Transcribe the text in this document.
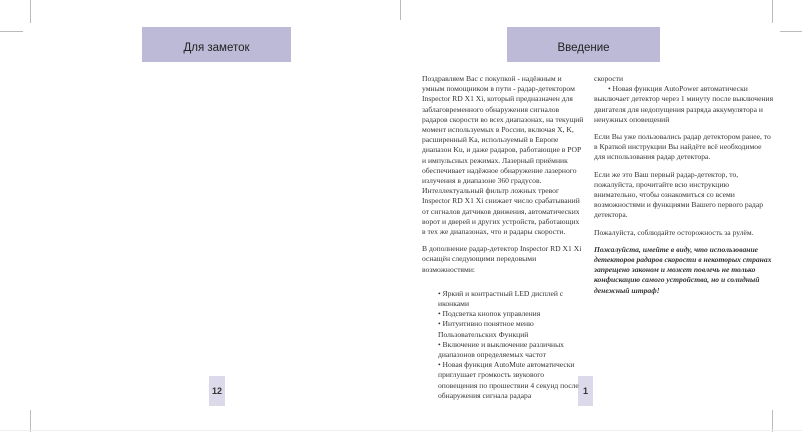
Для заметок	Введение
12	1

Поздравляем Вас с покупкой - надёжным и умным помощником в пути - радар-детектором Inspector RD X1 Xi, который предназначен для заблаговременного обнаружения сигналов радаров скорости во всех диапазонах, на текущий момент используемых в России, включая X, K, расширенный Ka, используемый в Европе диапазон Ku, и даже радаров, работающие в POP и импульсных режимах. Лазерный приёмник обеспечивает надёжное обнаружение лазерного излучения в диапазоне 360 градусов. Интеллектуальный фильтр ложных тревог Inspector RD X1 Xi снижает число срабатываний от сигналов датчиков движения, автоматических ворот и дверей и других устройств, работающих в тех же диапазонах, что и радары скорости.

В дополнение радар-детектор Inspector RD X1 Xi оснащён следующими передовыми возможностями:

• Яркий и контрастный LED дисплей с иконками
• Подсветка кнопок управления
• Интуитивно понятное меню Пользовательских Функций
• Включение и выключение различных диапазонов определяемых частот
• Новая функция AutoMute автоматически приглушает громкость звукового оповещения по прошествии 4 секунд после обнаружения сигнала радара
скорости

• Новая функция AutoPower автоматически выключает детектор через 1 минуту после выключения двигателя для недопущения разряда аккумулятора и ненужных оповещений

Если Вы уже пользовались радар детектором ранее, то в Краткой инструкции Вы найдёте всё необходимое для использования радар детектора.

Если же это Ваш первый радар-детектор, то, пожалуйста, прочитайте всю инструкцию внимательно, чтобы ознакомиться со всеми возможностями и функциями Вашего первого радар детектора.

Пожалуйста, соблюдайте осторожность за рулём.

Пожалуйста, имейте в виду, что использование детекторов радаров скорости в некоторых странах запрещено законом и может повлечь не только конфискацию самого устройства, но и солидный денежный штраф!
